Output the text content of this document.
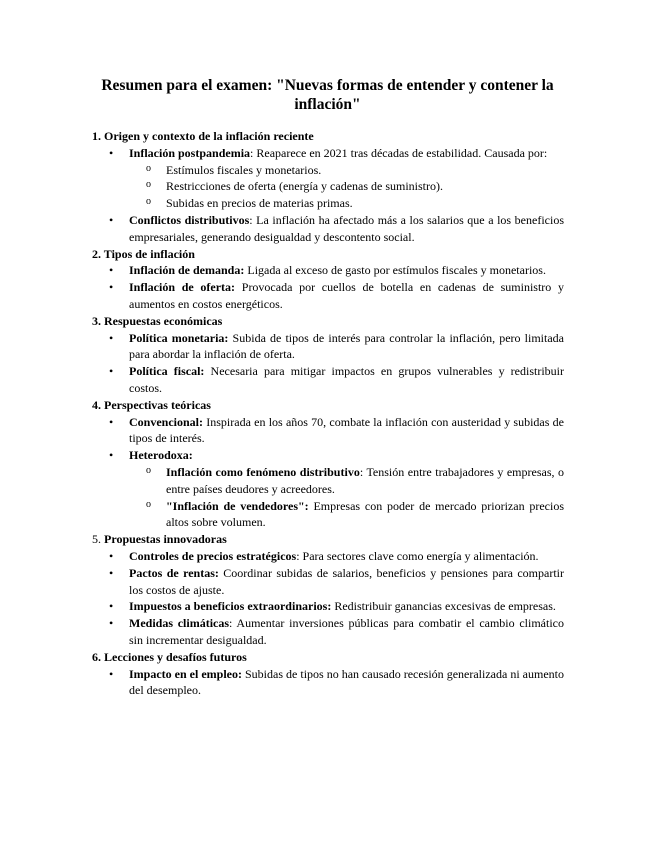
Resumen para el examen: "Nuevas formas de entender y contener la inflación"
1. Origen y contexto de la inflación reciente
• Inflación postpandemia: Reaparece en 2021 tras décadas de estabilidad. Causada por:
o Estímulos fiscales y monetarios.
o Restricciones de oferta (energía y cadenas de suministro).
o Subidas en precios de materias primas.
• Conflictos distributivos: La inflación ha afectado más a los salarios que a los beneficios empresariales, generando desigualdad y descontento social.
2. Tipos de inflación
• Inflación de demanda: Ligada al exceso de gasto por estímulos fiscales y monetarios.
• Inflación de oferta: Provocada por cuellos de botella en cadenas de suministro y aumentos en costos energéticos.
3. Respuestas económicas
• Política monetaria: Subida de tipos de interés para controlar la inflación, pero limitada para abordar la inflación de oferta.
• Política fiscal: Necesaria para mitigar impactos en grupos vulnerables y redistribuir costos.
4. Perspectivas teóricas
• Convencional: Inspirada en los años 70, combate la inflación con austeridad y subidas de tipos de interés.
• Heterodoxa:
o Inflación como fenómeno distributivo: Tensión entre trabajadores y empresas, o entre países deudores y acreedores.
o "Inflación de vendedores": Empresas con poder de mercado priorizan precios altos sobre volumen.
5. Propuestas innovadoras
• Controles de precios estratégicos: Para sectores clave como energía y alimentación.
• Pactos de rentas: Coordinar subidas de salarios, beneficios y pensiones para compartir los costos de ajuste.
• Impuestos a beneficios extraordinarios: Redistribuir ganancias excesivas de empresas.
• Medidas climáticas: Aumentar inversiones públicas para combatir el cambio climático sin incrementar desigualdad.
6. Lecciones y desafíos futuros
• Impacto en el empleo: Subidas de tipos no han causado recesión generalizada ni aumento del desempleo.
